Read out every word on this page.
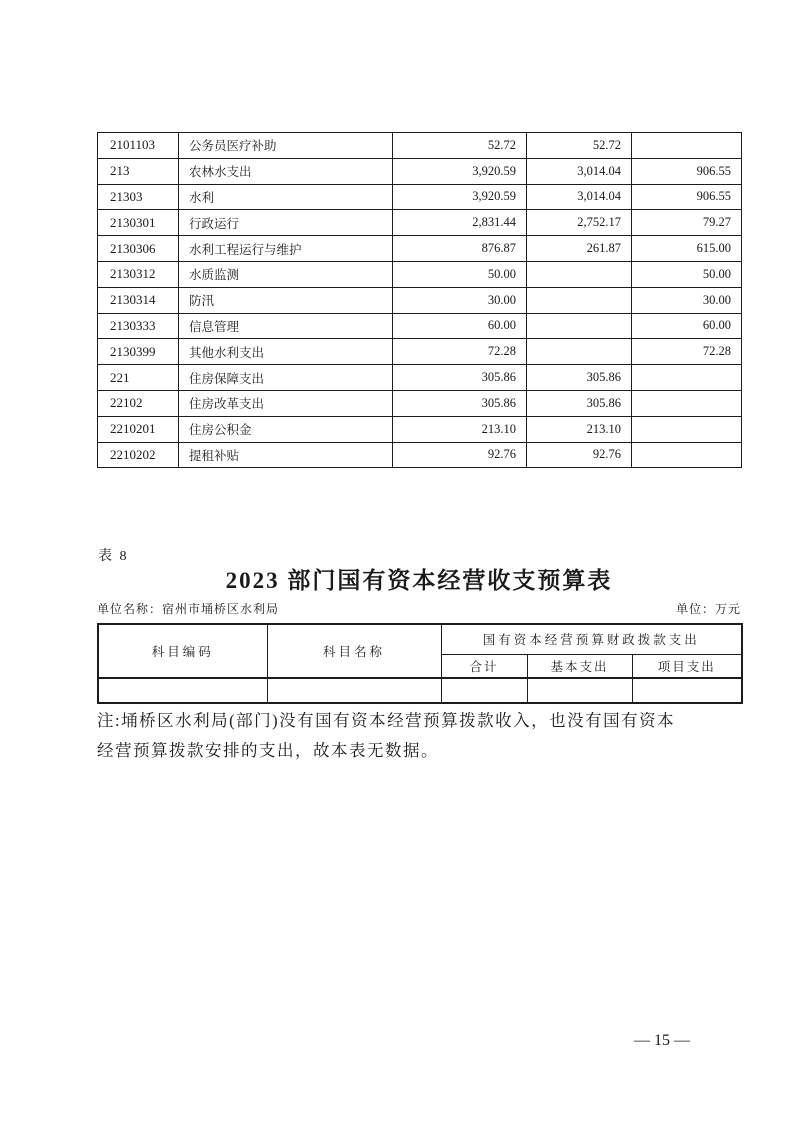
2101103	公务员医疗补助	52.72	52.72	
213	农林水支出	3,920.59	3,014.04	906.55
21303	水利	3,920.59	3,014.04	906.55
2130301	行政运行	2,831.44	2,752.17	79.27
2130306	水利工程运行与维护	876.87	261.87	615.00
2130312	水质监测	50.00		50.00
2130314	防汛	30.00		30.00
2130333	信息管理	60.00		60.00
2130399	其他水利支出	72.28		72.28
221	住房保障支出	305.86	305.86	
22102	住房改革支出	305.86	305.86	
2210201	住房公积金	213.10	213.10	
2210202	提租补贴	92.76	92.76	
表 8
2023 部门国有资本经营收支预算表
单位名称：宿州市埇桥区水利局	单位：万元
科目编码	科目名称	国有资本经营预算财政拨款支出		
		合计	基本支出	项目支出

注:埇桥区水利局(部门)没有国有资本经营预算拨款收入，也没有国有资本
经营预算拨款安排的支出，故本表无数据。
— 15 —
